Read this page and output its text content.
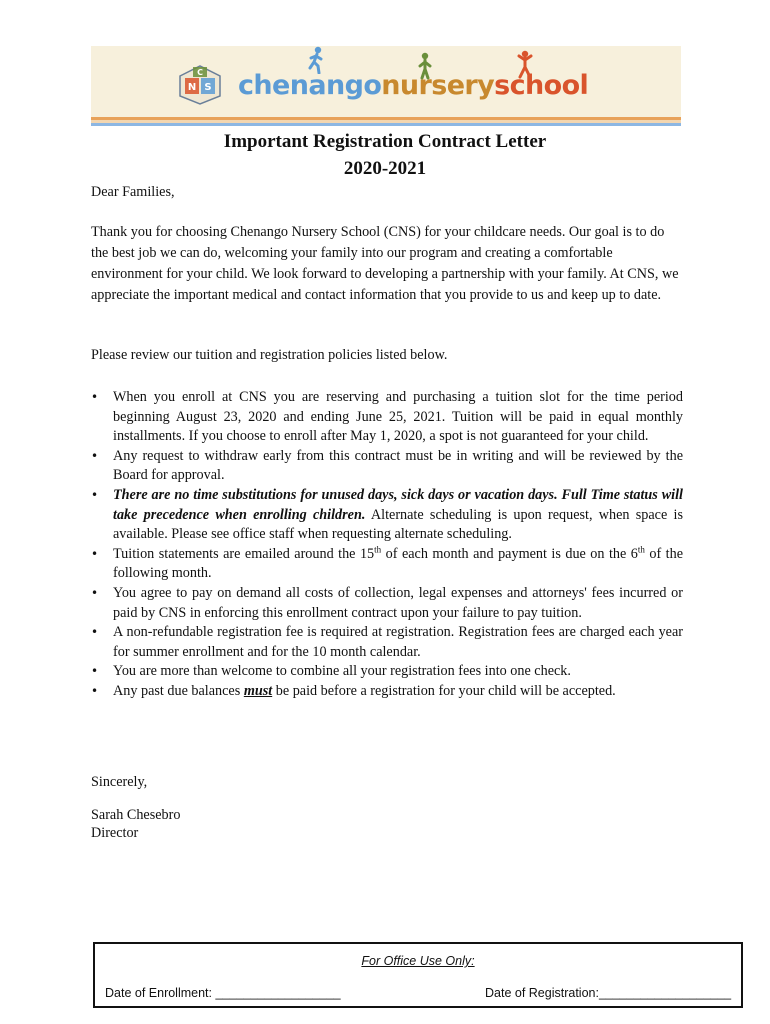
C
N S chenangonurseryschool
Important Registration Contract Letter
2020-2021
Dear Families,
Thank you for choosing Chenango Nursery School (CNS) for your childcare needs. Our goal is to do the best job we can do, welcoming your family into our program and creating a comfortable environment for your child. We look forward to developing a partnership with your family. At CNS, we appreciate the important medical and contact information that you provide to us and keep up to date.
Please review our tuition and registration policies listed below.
• When you enroll at CNS you are reserving and purchasing a tuition slot for the time period beginning August 23, 2020 and ending June 25, 2021. Tuition will be paid in equal monthly installments. If you choose to enroll after May 1, 2020, a spot is not guaranteed for your child.
• Any request to withdraw early from this contract must be in writing and will be reviewed by the Board for approval.
• There are no time substitutions for unused days, sick days or vacation days. Full Time status will take precedence when enrolling children. Alternate scheduling is upon request, when space is available. Please see office staff when requesting alternate scheduling.
• Tuition statements are emailed around the 15th of each month and payment is due on the 6th of the following month.
• You agree to pay on demand all costs of collection, legal expenses and attorneys' fees incurred or paid by CNS in enforcing this enrollment contract upon your failure to pay tuition.
• A non-refundable registration fee is required at registration. Registration fees are charged each year for summer enrollment and for the 10 month calendar.
• You are more than welcome to combine all your registration fees into one check.
• Any past due balances must be paid before a registration for your child will be accepted.
Sincerely,
Sarah Chesebro
Director
For Office Use Only:
Date of Enrollment: __________________	Date of Registration:___________________
